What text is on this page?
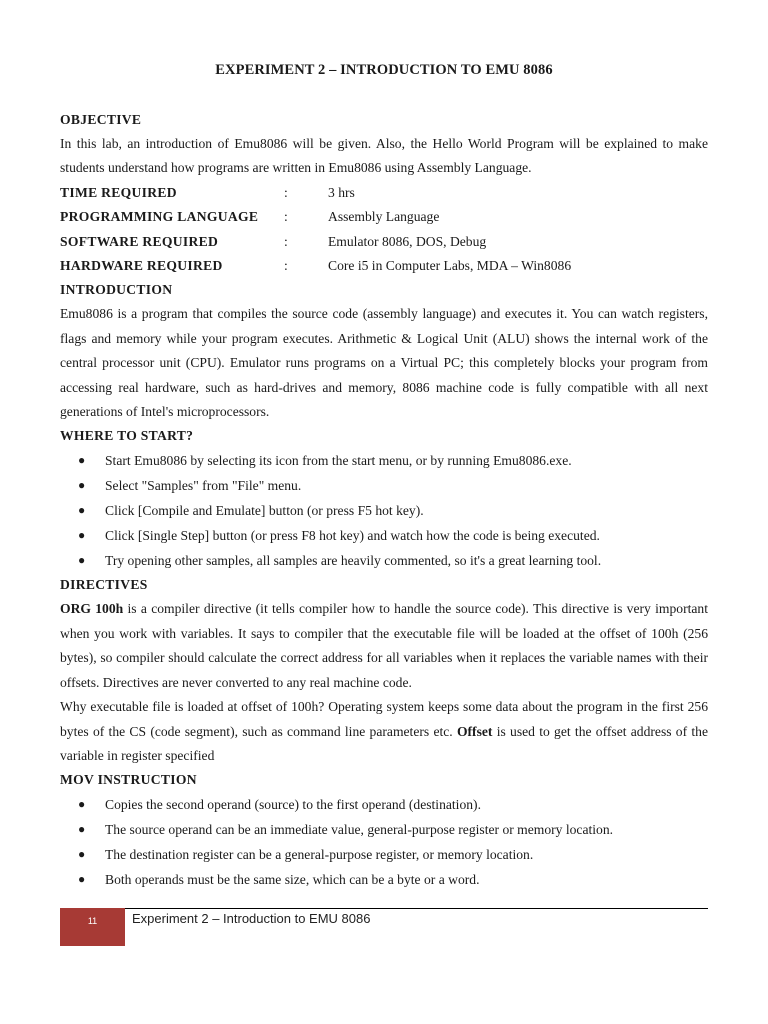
EXPERIMENT 2 – INTRODUCTION TO EMU 8086
OBJECTIVE

In this lab, an introduction of Emu8086 will be given. Also, the Hello World Program will be explained to make students understand how programs are written in Emu8086 using Assembly Language.

TIME REQUIRED	:	3 hrs
PROGRAMMING LANGUAGE	:	Assembly Language
SOFTWARE REQUIRED	:	Emulator 8086, DOS, Debug
HARDWARE REQUIRED	:	Core i5 in Computer Labs, MDA – Win8086
INTRODUCTION

Emu8086 is a program that compiles the source code (assembly language) and executes it. You can watch registers, flags and memory while your program executes. Arithmetic & Logical Unit (ALU) shows the internal work of the central processor unit (CPU). Emulator runs programs on a Virtual PC; this completely blocks your program from accessing real hardware, such as hard-drives and memory, 8086 machine code is fully compatible with all next generations of Intel's microprocessors.

WHERE TO START?
● Start Emu8086 by selecting its icon from the start menu, or by running Emu8086.exe.
● Select "Samples" from "File" menu.
● Click [Compile and Emulate] button (or press F5 hot key).
● Click [Single Step] button (or press F8 hot key) and watch how the code is being executed.
● Try opening other samples, all samples are heavily commented, so it's a great learning tool.
DIRECTIVES

ORG 100h is a compiler directive (it tells compiler how to handle the source code). This directive is very important when you work with variables. It says to compiler that the executable file will be loaded at the offset of 100h (256 bytes), so compiler should calculate the correct address for all variables when it replaces the variable names with their offsets. Directives are never converted to any real machine code.

Why executable file is loaded at offset of 100h? Operating system keeps some data about the program in the first 256 bytes of the CS (code segment), such as command line parameters etc. Offset is used to get the offset address of the variable in register specified

MOV INSTRUCTION
● Copies the second operand (source) to the first operand (destination).
● The source operand can be an immediate value, general-purpose register or memory location.
● The destination register can be a general-purpose register, or memory location.
● Both operands must be the same size, which can be a byte or a word.
11	Experiment 2 – Introduction to EMU 8086
